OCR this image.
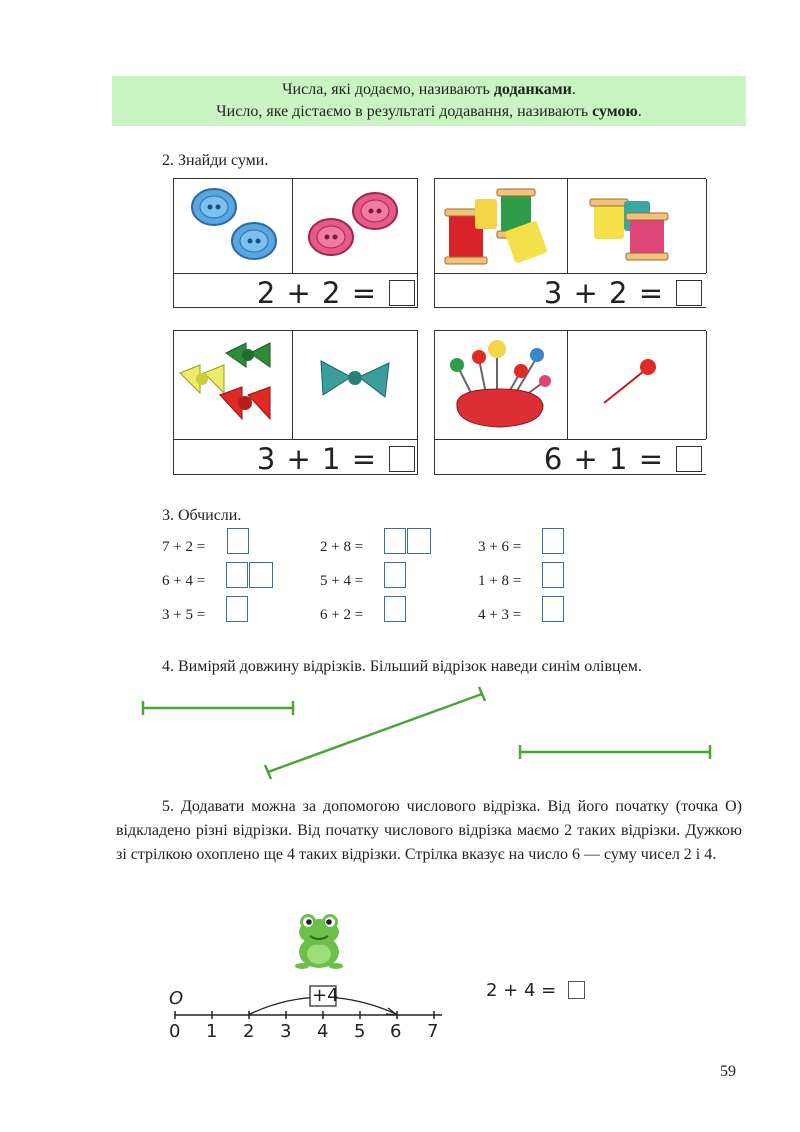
Числа, які додаємо, називають доданками.
Число, яке дістаємо в результаті додавання, називають сумою.
2. Знайди суми.
2 + 2 =	3 + 2 =
3 + 1 =	6 + 1 =
3. Обчисли.
7 + 2 =	2 + 8 =	3 + 6 =
6 + 4 =	5 + 4 =	1 + 8 =
3 + 5 =	6 + 2 =	4 + 3 =
4. Виміряй довжину відрізків. Більший відрізок наведи синім олівцем.
5. Додавати можна за допомогою числового відрізка. Від його початку (точка О) відкладено різні відрізки. Від початку числового відрізка маємо 2 таких відрізки. Дужкою зі стрілкою охоплено ще 4 таких відрізки. Стрілка вказує на число 6 — суму чисел 2 і 4.
O	+4
0 1 2 3 4 5 6 7
2 + 4 =
59
